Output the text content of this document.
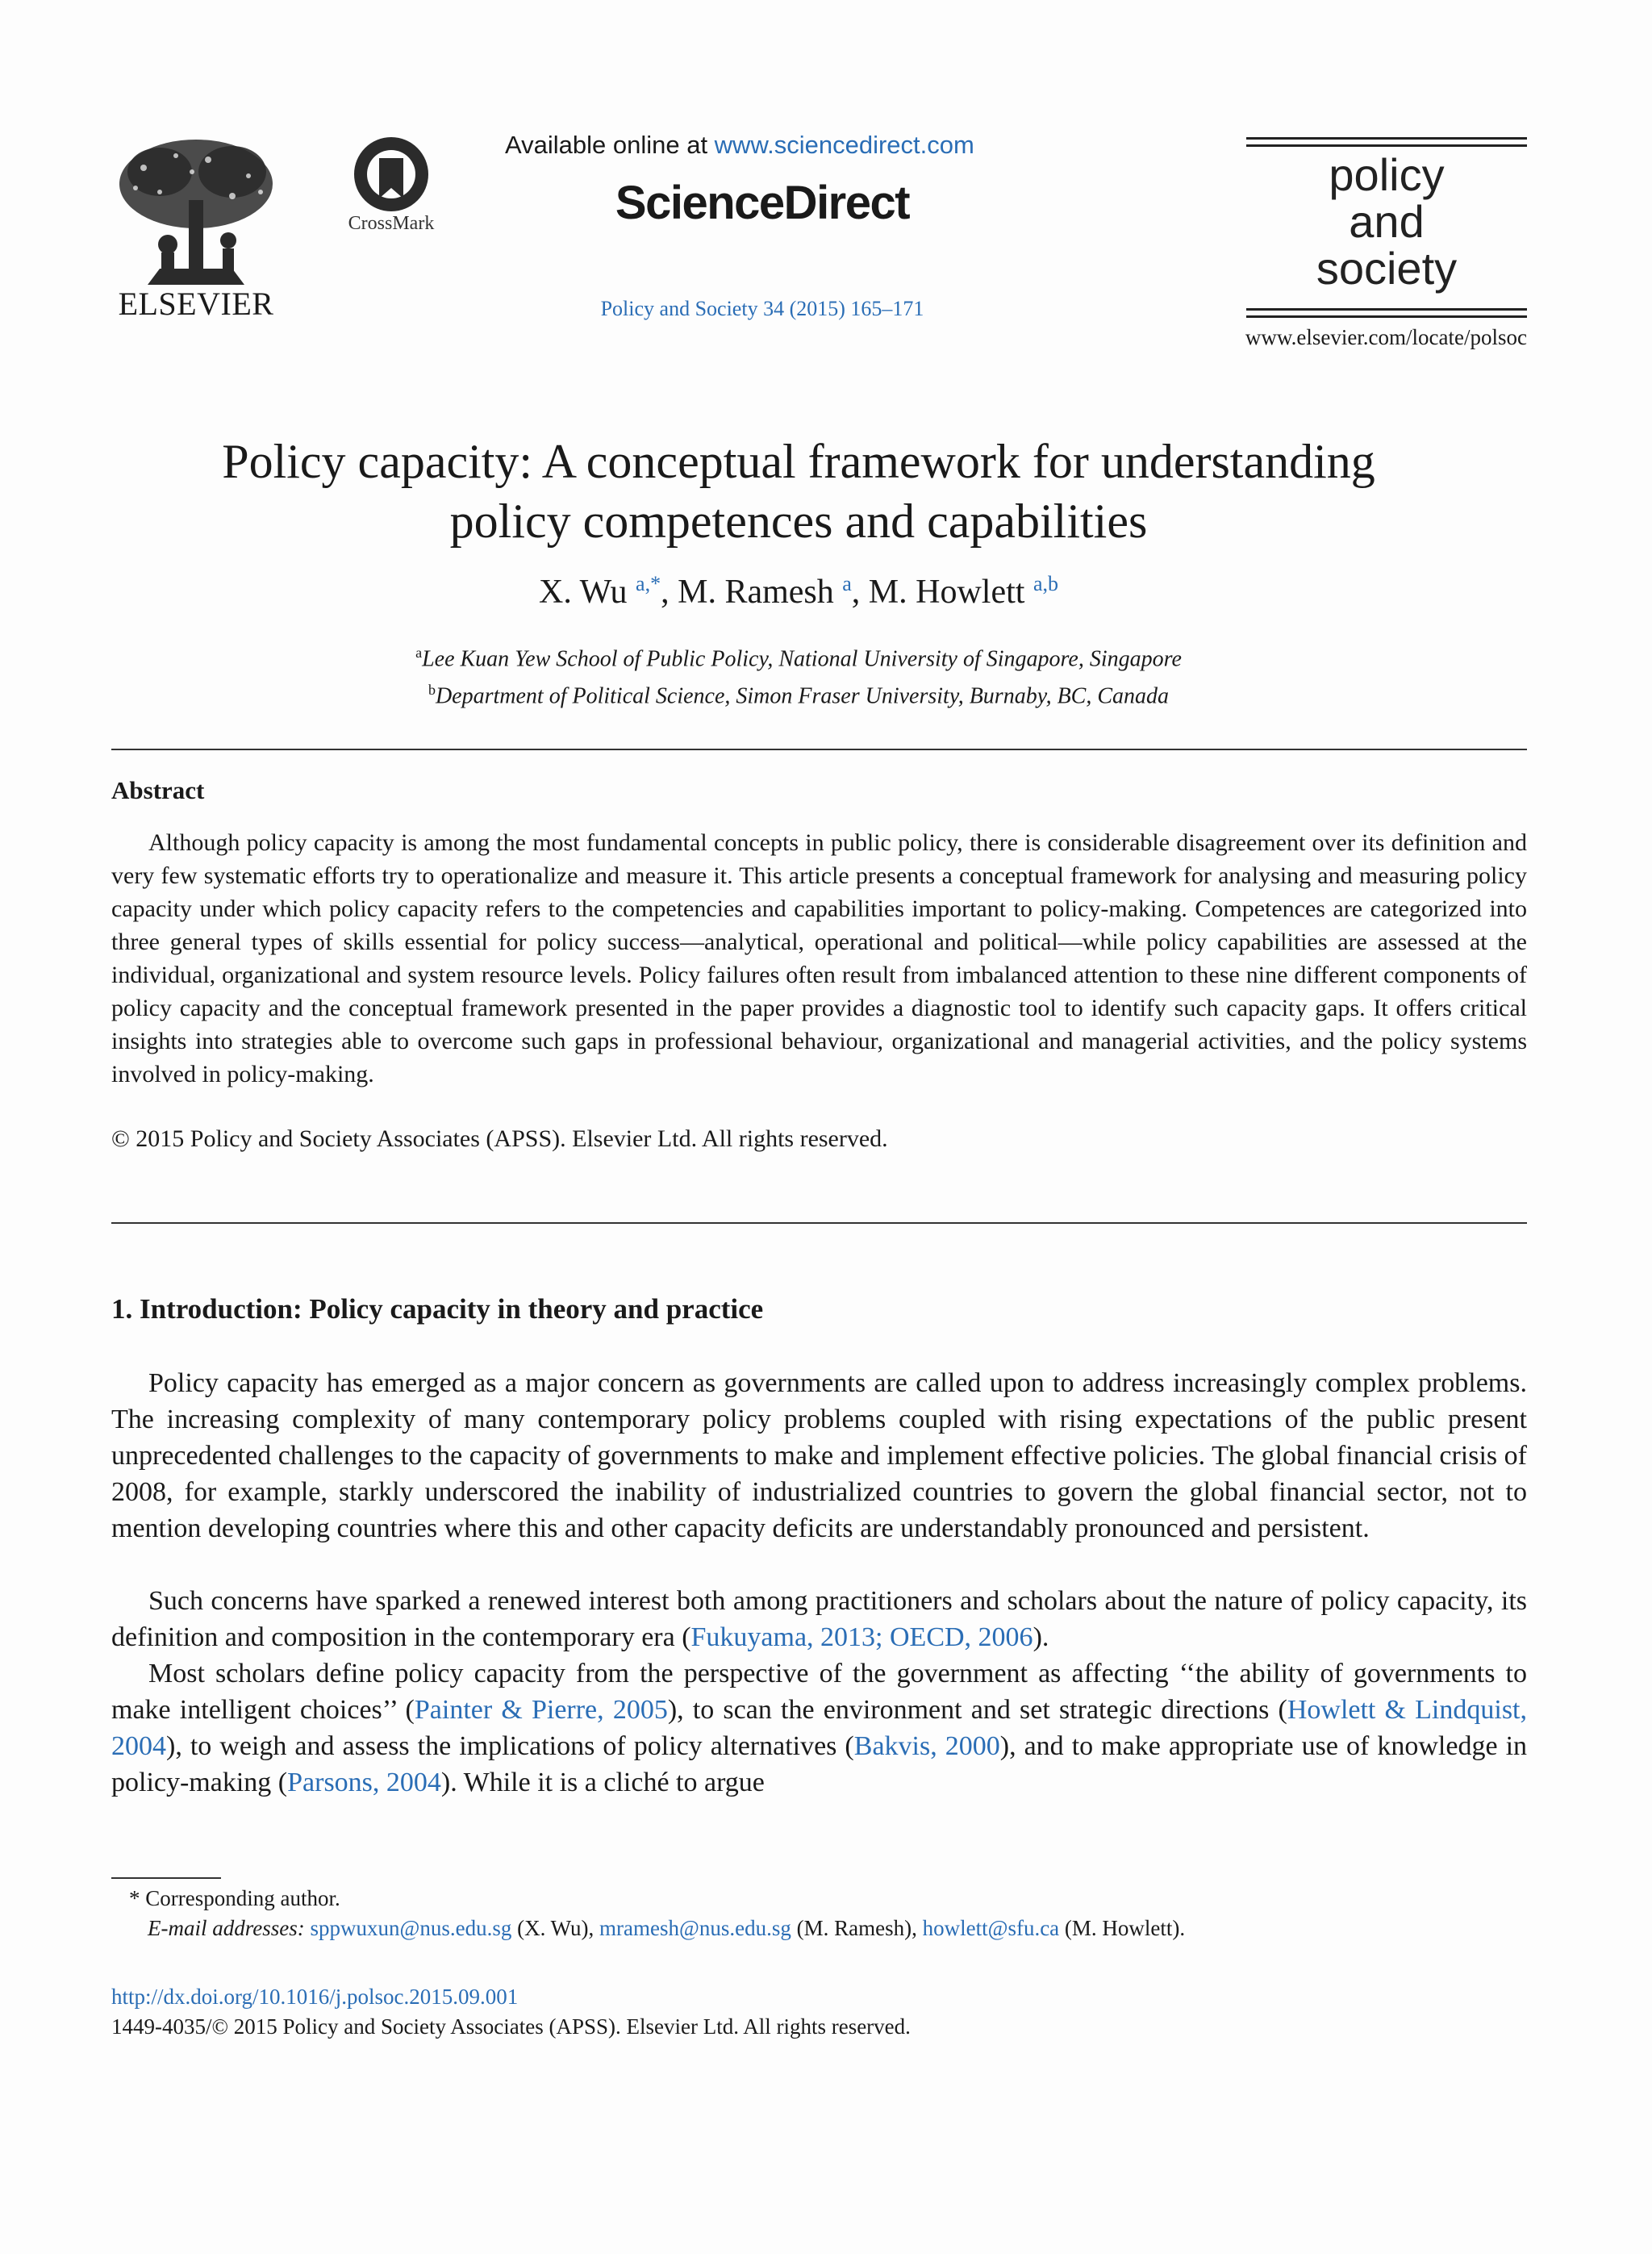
ELSEVIER
CrossMark
Available online at www.sciencedirect.com
ScienceDirect
Policy and Society 34 (2015) 165–171
policy
and
society
www.elsevier.com/locate/polsoc
Policy capacity: A conceptual framework for understanding
policy competences and capabilities
X. Wu $^{a,*}$, M. Ramesh $^a$, M. Howlett $^{a,b}$
$^a$Lee Kuan Yew School of Public Policy, National University of Singapore, Singapore
$^b$Department of Political Science, Simon Fraser University, Burnaby, BC, Canada
Abstract
Although policy capacity is among the most fundamental concepts in public policy, there is considerable disagreement over its definition and very few systematic efforts try to operationalize and measure it. This article presents a conceptual framework for analysing and measuring policy capacity under which policy capacity refers to the competencies and capabilities important to policy-making. Competences are categorized into three general types of skills essential for policy success—analytical, operational and political—while policy capabilities are assessed at the individual, organizational and system resource levels. Policy failures often result from imbalanced attention to these nine different components of policy capacity and the conceptual framework presented in the paper provides a diagnostic tool to identify such capacity gaps. It offers critical insights into strategies able to overcome such gaps in professional behaviour, organizational and managerial activities, and the policy systems involved in policy-making.
© 2015 Policy and Society Associates (APSS). Elsevier Ltd. All rights reserved.
1. Introduction: Policy capacity in theory and practice
Policy capacity has emerged as a major concern as governments are called upon to address increasingly complex problems. The increasing complexity of many contemporary policy problems coupled with rising expectations of the public present unprecedented challenges to the capacity of governments to make and implement effective policies. The global financial crisis of 2008, for example, starkly underscored the inability of industrialized countries to govern the global financial sector, not to mention developing countries where this and other capacity deficits are understandably pronounced and persistent.
Such concerns have sparked a renewed interest both among practitioners and scholars about the nature of policy capacity, its definition and composition in the contemporary era (Fukuyama, 2013; OECD, 2006).
Most scholars define policy capacity from the perspective of the government as affecting ‘‘the ability of governments to make intelligent choices’’ (Painter & Pierre, 2005), to scan the environment and set strategic directions (Howlett & Lindquist, 2004), to weigh and assess the implications of policy alternatives (Bakvis, 2000), and to make appropriate use of knowledge in policy-making (Parsons, 2004). While it is a cliché to argue
* Corresponding author.
E-mail addresses: sppwuxun@nus.edu.sg (X. Wu), mramesh@nus.edu.sg (M. Ramesh), howlett@sfu.ca (M. Howlett).
http://dx.doi.org/10.1016/j.polsoc.2015.09.001
1449-4035/© 2015 Policy and Society Associates (APSS). Elsevier Ltd. All rights reserved.
